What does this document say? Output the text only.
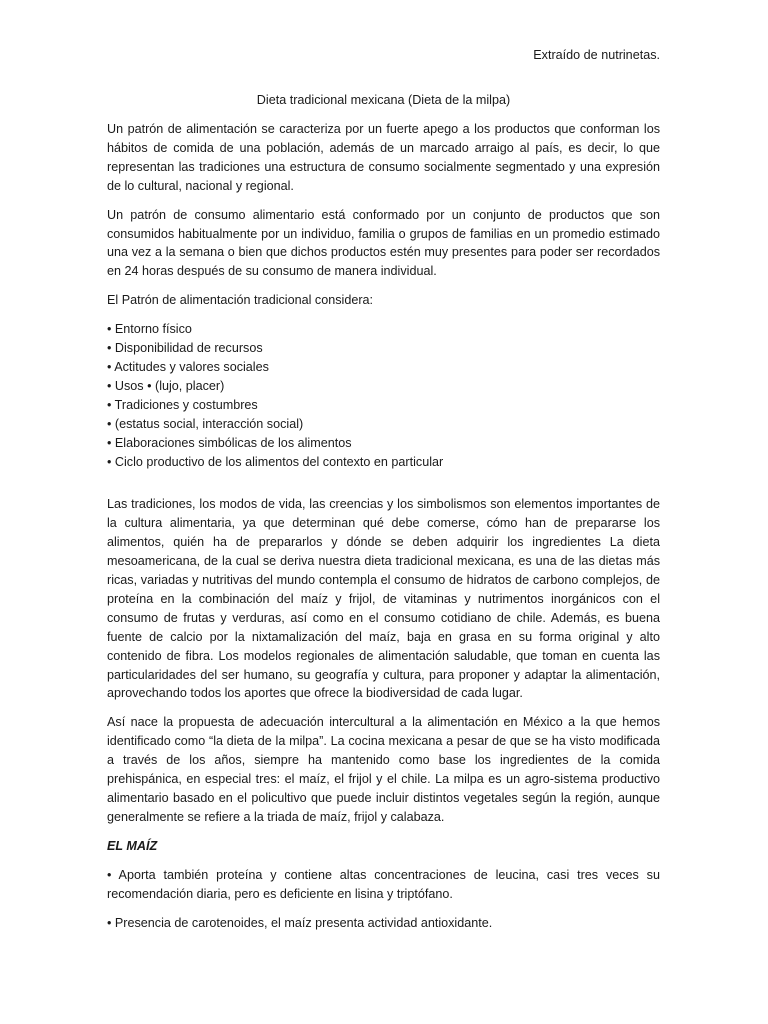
Extraído de nutrinetas.
Dieta tradicional mexicana (Dieta de la milpa)

Un patrón de alimentación se caracteriza por un fuerte apego a los productos que conforman los hábitos de comida de una población, además de un marcado arraigo al país, es decir, lo que representan las tradiciones una estructura de consumo socialmente segmentado y una expresión de lo cultural, nacional y regional.

Un patrón de consumo alimentario está conformado por un conjunto de productos que son consumidos habitualmente por un individuo, familia o grupos de familias en un promedio estimado una vez a la semana o bien que dichos productos estén muy presentes para poder ser recordados en 24 horas después de su consumo de manera individual.

El Patrón de alimentación tradicional considera:

• Entorno físico
• Disponibilidad de recursos
• Actitudes y valores sociales
• Usos • (lujo, placer)
• Tradiciones y costumbres
• (estatus social, interacción social)
• Elaboraciones simbólicas de los alimentos
• Ciclo productivo de los alimentos del contexto en particular

Las tradiciones, los modos de vida, las creencias y los simbolismos son elementos importantes de la cultura alimentaria, ya que determinan qué debe comerse, cómo han de prepararse los alimentos, quién ha de prepararlos y dónde se deben adquirir los ingredientes La dieta mesoamericana, de la cual se deriva nuestra dieta tradicional mexicana, es una de las dietas más ricas, variadas y nutritivas del mundo contempla el consumo de hidratos de carbono complejos, de proteína en la combinación del maíz y frijol, de vitaminas y nutrimentos inorgánicos con el consumo de frutas y verduras, así como en el consumo cotidiano de chile. Además, es buena fuente de calcio por la nixtamalización del maíz, baja en grasa en su forma original y alto contenido de fibra. Los modelos regionales de alimentación saludable, que toman en cuenta las particularidades del ser humano, su geografía y cultura, para proponer y adaptar la alimentación, aprovechando todos los aportes que ofrece la biodiversidad de cada lugar.

Así nace la propuesta de adecuación intercultural a la alimentación en México a la que hemos identificado como “la dieta de la milpa”. La cocina mexicana a pesar de que se ha visto modificada a través de los años, siempre ha mantenido como base los ingredientes de la comida prehispánica, en especial tres: el maíz, el frijol y el chile. La milpa es un agro-sistema productivo alimentario basado en el policultivo que puede incluir distintos vegetales según la región, aunque generalmente se refiere a la triada de maíz, frijol y calabaza.

EL MAÍZ

• Aporta también proteína y contiene altas concentraciones de leucina, casi tres veces su recomendación diaria, pero es deficiente en lisina y triptófano.

• Presencia de carotenoides, el maíz presenta actividad antioxidante.
